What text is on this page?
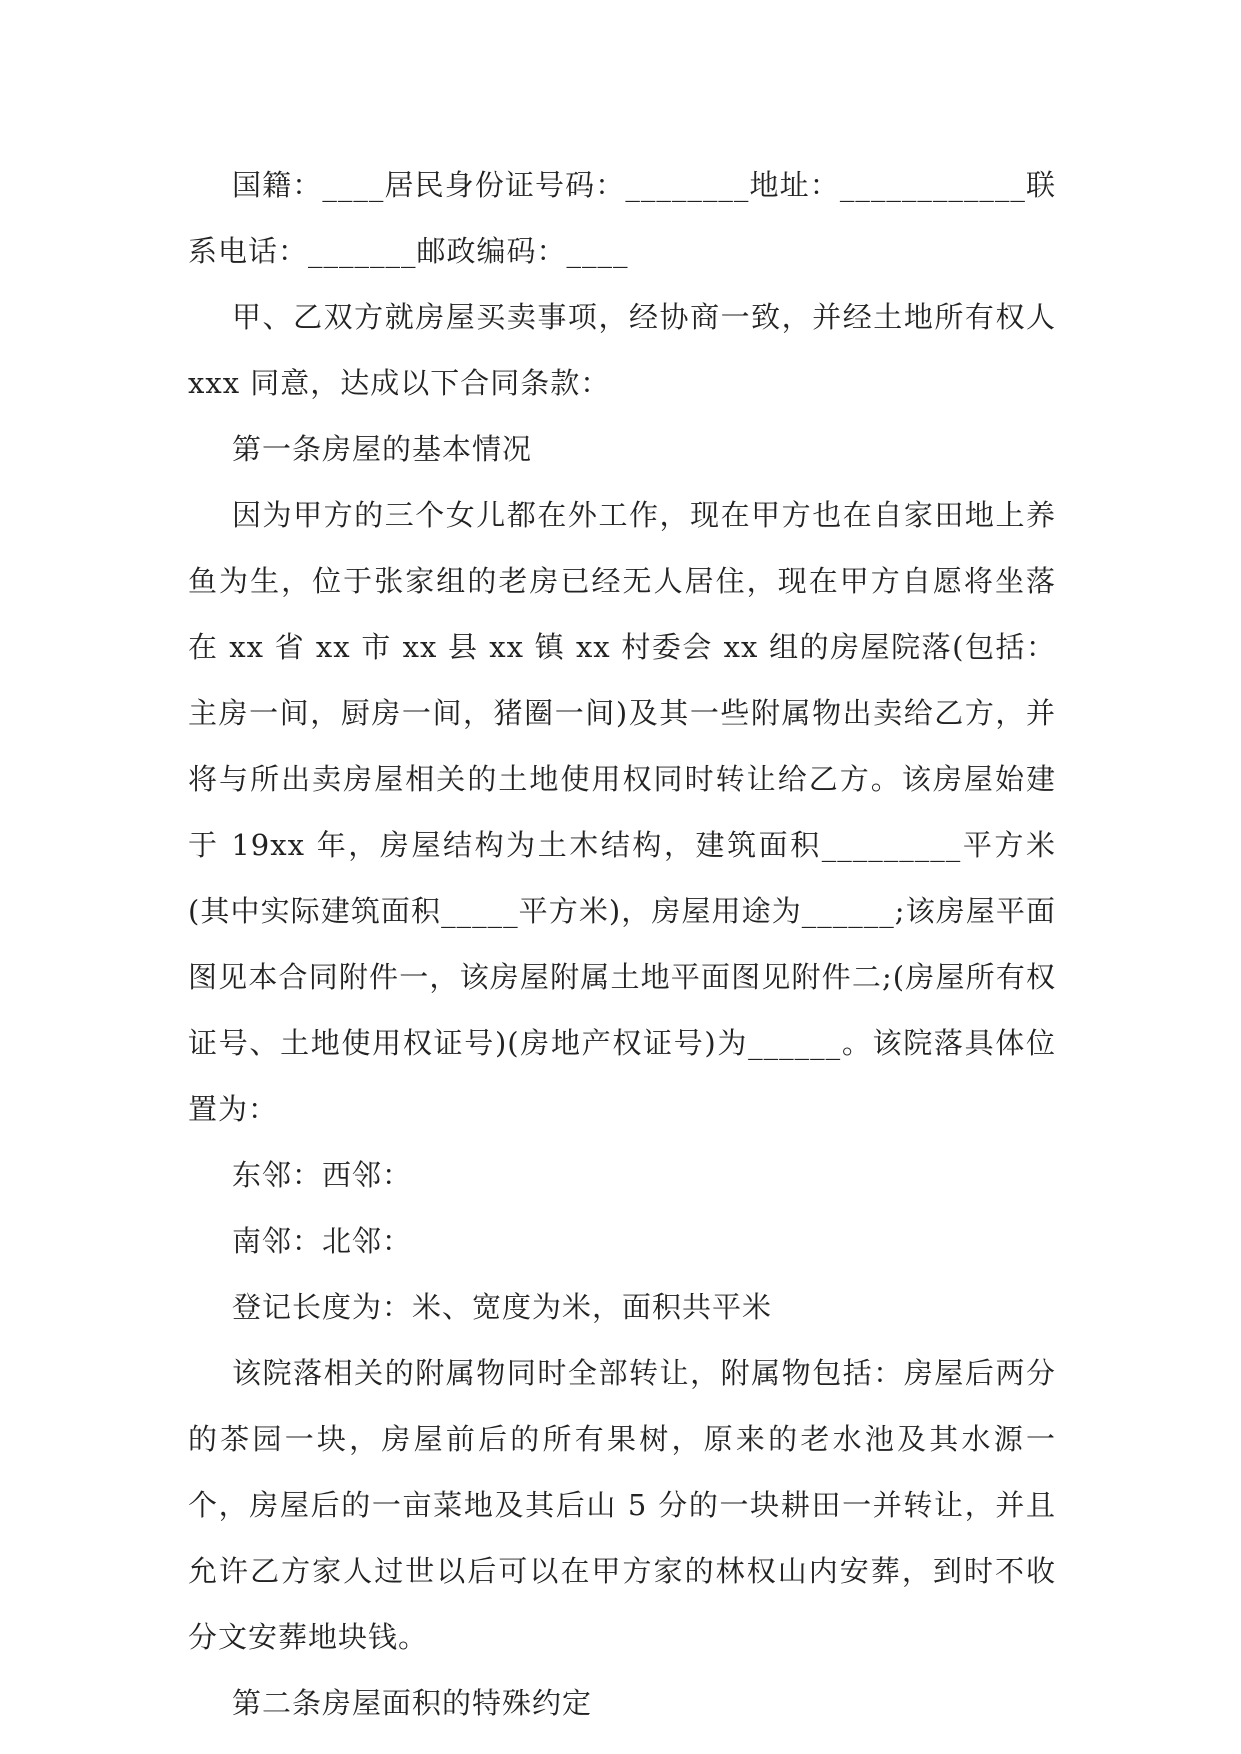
国籍：____居民身份证号码：________地址：____________联系电话：_______邮政编码：____

甲、乙双方就房屋买卖事项，经协商一致，并经土地所有权人 xxx 同意，达成以下合同条款：

第一条房屋的基本情况

因为甲方的三个女儿都在外工作，现在甲方也在自家田地上养鱼为生，位于张家组的老房已经无人居住，现在甲方自愿将坐落在 xx 省 xx 市 xx 县 xx 镇 xx 村委会 xx 组的房屋院落(包括：主房一间，厨房一间，猪圈一间)及其一些附属物出卖给乙方，并将与所出卖房屋相关的土地使用权同时转让给乙方。该房屋始建于 19xx 年，房屋结构为土木结构，建筑面积_________平方米(其中实际建筑面积_____平方米)，房屋用途为______;该房屋平面图见本合同附件一，该房屋附属土地平面图见附件二;(房屋所有权证号、土地使用权证号)(房地产权证号)为______。该院落具体位置为：

东邻：西邻：

南邻：北邻：

登记长度为：米、宽度为米，面积共平米

该院落相关的附属物同时全部转让，附属物包括：房屋后两分的茶园一块，房屋前后的所有果树，原来的老水池及其水源一个，房屋后的一亩菜地及其后山 5 分的一块耕田一并转让，并且允许乙方家人过世以后可以在甲方家的林权山内安葬，到时不收分文安葬地块钱。

第二条房屋面积的特殊约定
